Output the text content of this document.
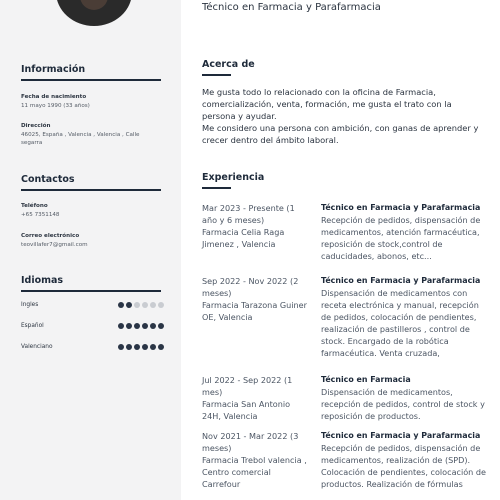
Información

Fecha de nacimiento

11 mayo 1990 (33 años)

Dirección

46025, España , Valencia , Valencia , Calle segarra

Contactos

Teléfono

+65 7351148

Correo electrónico

teovillafer7@gmail.com

Idiomas

Ingles
Español
Valenciano
Técnico en Farmacia y Parafarmacia

Acerca de

Me gusta todo lo relacionado con la oficina de Farmacia, comercialización, venta, formación, me gusta el trato con la persona y ayudar.

Me considero una persona con ambición, con ganas de aprender y crecer dentro del ámbito laboral.

Experiencia

Mar 2023 - Presente (1 año y 6 meses)
Farmacia Celia Raga Jimenez , Valencia
Técnico en Farmacia y Parafarmacia
Recepción de pedidos, dispensación de medicamentos, atención farmacéutica, reposición de stock,control de caducidades, abonos, etc...
Sep 2022 - Nov 2022 (2 meses)
Farmacia Tarazona Guiner OE, Valencia
Técnico en Farmacia y Parafarmacia
Dispensación de medicamentos con receta electrónica y manual, recepción de pedidos, colocación de pendientes, realización de pastilleros , control de stock. Encargado de la robótica farmacéutica. Venta cruzada,
Jul 2022 - Sep 2022 (1 mes)
Farmacia San Antonio 24H, Valencia
Técnico en Farmacia
Dispensación de medicamentos, recepción de pedidos, control de stock y reposición de productos.
Nov 2021 - Mar 2022 (3 meses)
Farmacia Trebol valencia , Centro comercial Carrefour
Técnico en Farmacia y Parafarmacia
Recepción de pedidos, dispensación de medicamentos, realización de (SPD). Colocación de pendientes, colocación de productos. Realización de fórmulas
